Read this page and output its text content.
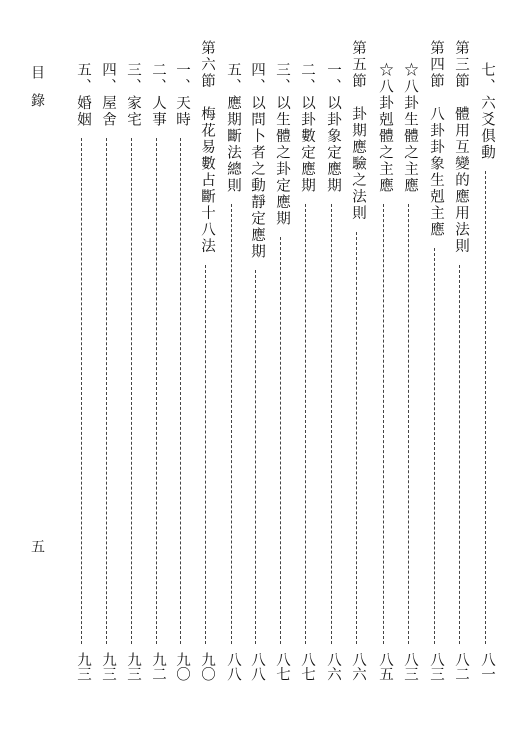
目錄
五
七、六爻俱動
八一
第三節　體用互變的應用法則
八二
第四節　八卦卦象生剋主應
八三
☆八卦生體之主應
八三
☆八卦剋體之主應
八五
第五節　卦期應驗之法則
八六
一、以卦象定應期
八六
二、以卦數定應期
八七
三、以生體之卦定應期
八七
四、以問卜者之動靜定應期
八八
五、應期斷法總則
八八
第六節　梅花易數占斷十八法
九〇
一、天時
九〇
二、人事
九二
三、家宅
九三
四、屋舍
九三
五、婚姻
九三
